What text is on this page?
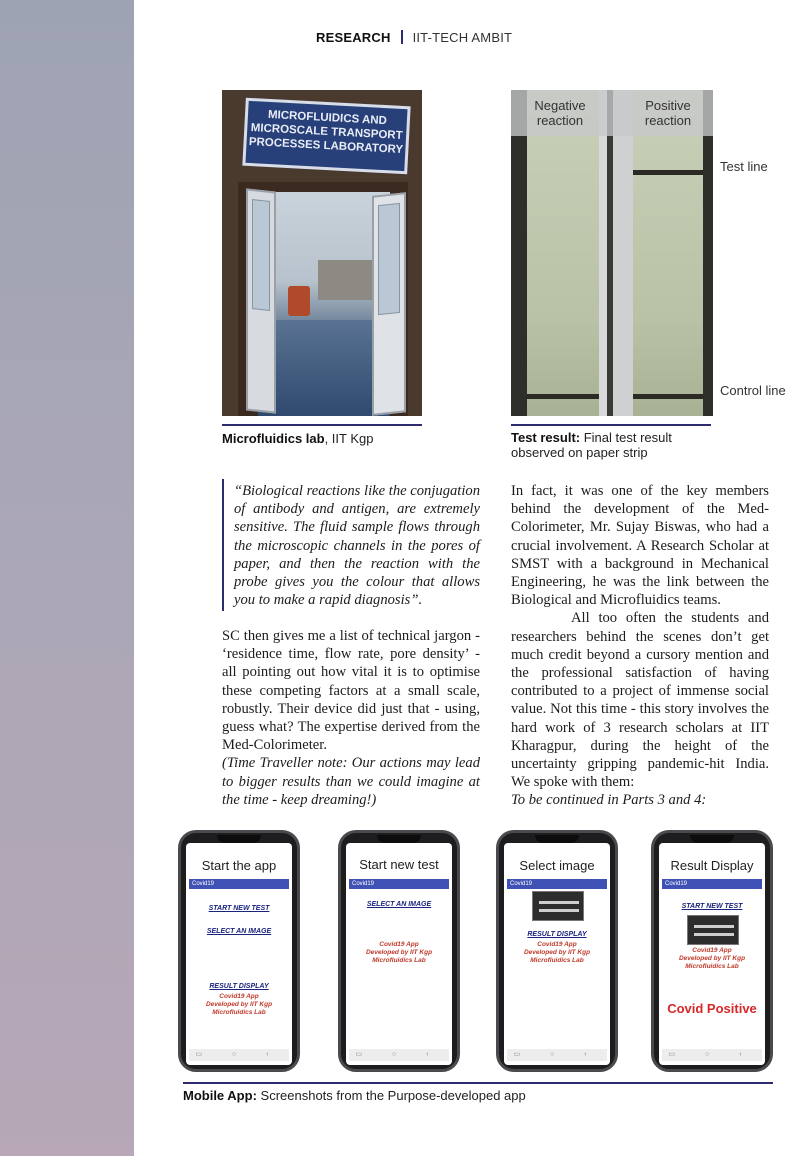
RESEARCH IIT-TECH AMBIT
MICROFLUIDICS AND MICROSCALE TRANSPORT PROCESSES LABORATORY
Microfluidics lab, IIT Kgp
Negative reaction
Positive reaction
Test line
Control line
Test result: Final test result observed on paper strip
“Biological reactions like the conjugation of antibody and antigen, are extremely sensitive. The fluid sample flows through the microscopic channels in the pores of paper, and then the reaction with the probe gives you the colour that allows you to make a rapid diagnosis”.

SC then gives me a list of technical jargon - ‘residence time, flow rate, pore density’ - all pointing out how vital it is to optimise these competing factors at a small scale, robustly. Their device did just that - using, guess what? The expertise derived from the Med-Colorimeter.

(Time Traveller note: Our actions may lead to bigger results than we could imagine at the time - keep dreaming!)

In fact, it was one of the key members behind the development of the Med-Colorimeter, Mr. Sujay Biswas, who had a crucial involvement. A Research Scholar at SMST with a background in Mechanical Engineering, he was the link between the Biological and Microfluidics teams.

All too often the students and researchers behind the scenes don’t get much credit beyond a cursory mention and the professional satisfaction of having contributed to a project of immense social value. Not this time - this story involves the hard work of 3 research scholars at IIT Kharagpur, during the height of the uncertainty gripping pandemic-hit India. We spoke with them:

To be continued in Parts 3 and 4:

Start the app
Covid19
START NEW TEST
SELECT AN IMAGE
RESULT DISPLAY
Covid19 App
Developed by IIT Kgp
Microfluidics Lab
▭ ○ ‹
Start new test
Covid19
SELECT AN IMAGE
Covid19 App
Developed by IIT Kgp
Microfluidics Lab
▭ ○ ‹
Select image
Covid19
RESULT DISPLAY
Covid19 App
Developed by IIT Kgp
Microfluidics Lab
▭ ○ ‹
Result Display
Covid19
START NEW TEST
Covid19 App
Developed by IIT Kgp
Microfluidics Lab
Covid Positive
▭ ○ ‹
Mobile App: Screenshots from the Purpose-developed app
